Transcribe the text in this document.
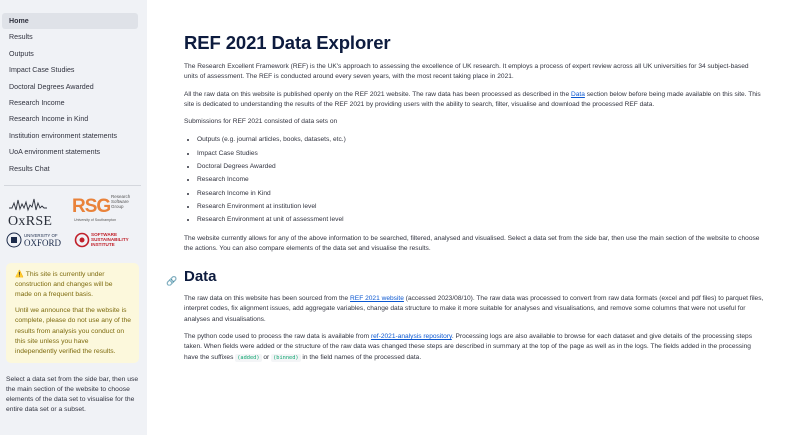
Home
Results
Outputs
Impact Case Studies
Doctoral Degrees Awarded
Research Income
Research Income in Kind
Institution environment statements
UoA environment statements
Results Chat
OxRSE
RSG Research
Software
Group
University of Southampton
UNIVERSITY OF
OXFORD
SOFTWARE
SUSTAINABILITY
INSTITUTE

⚠️ This site is currently under construction and changes will be made on a frequent basis.

Until we announce that the website is complete, please do not use any of the results from analysis you conduct on this site unless you have independently verified the results.

Select a data set from the side bar, then use the main section of the website to choose elements of the data set to visualise for the entire data set or a subset.
REF 2021 Data Explorer

The Research Excellent Framework (REF) is the UK's approach to assessing the excellence of UK research. It employs a process of expert review across all UK universities for 34 subject-based units of assessment. The REF is conducted around every seven years, with the most recent taking place in 2021.

All the raw data on this website is published openly on the REF 2021 website. The raw data has been processed as described in the Data section below before being made available on this site. This site is dedicated to understanding the results of the REF 2021 by providing users with the ability to search, filter, visualise and download the processed REF data.

Submissions for REF 2021 consisted of data sets on

• Outputs (e.g. journal articles, books, datasets, etc.)
• Impact Case Studies
• Doctoral Degrees Awarded
• Research Income
• Research Income in Kind
• Research Environment at institution level
• Research Environment at unit of assessment level

The website currently allows for any of the above information to be searched, filtered, analysed and visualised. Select a data set from the side bar, then use the main section of the website to choose the actions. You can also compare elements of the data set and visualise the results.

🔗 Data

The raw data on this website has been sourced from the REF 2021 website (accessed 2023/08/10). The raw data was processed to convert from raw data formats (excel and pdf files) to parquet files, interpret codes, fix alignment issues, add aggregate variables, change data structure to make it more suitable for analyses and visualisations, and remove some columns that were not useful for analyses and visualisations.

The python code used to process the raw data is available from ref-2021-analysis repository. Processing logs are also available to browse for each dataset and give details of the processing steps taken. When fields were added or the structure of the raw data was changed these steps are described in summary at the top of the page as well as in the logs. The fields added in the processing have the suffixes (added) or (binned) in the field names of the processed data.
